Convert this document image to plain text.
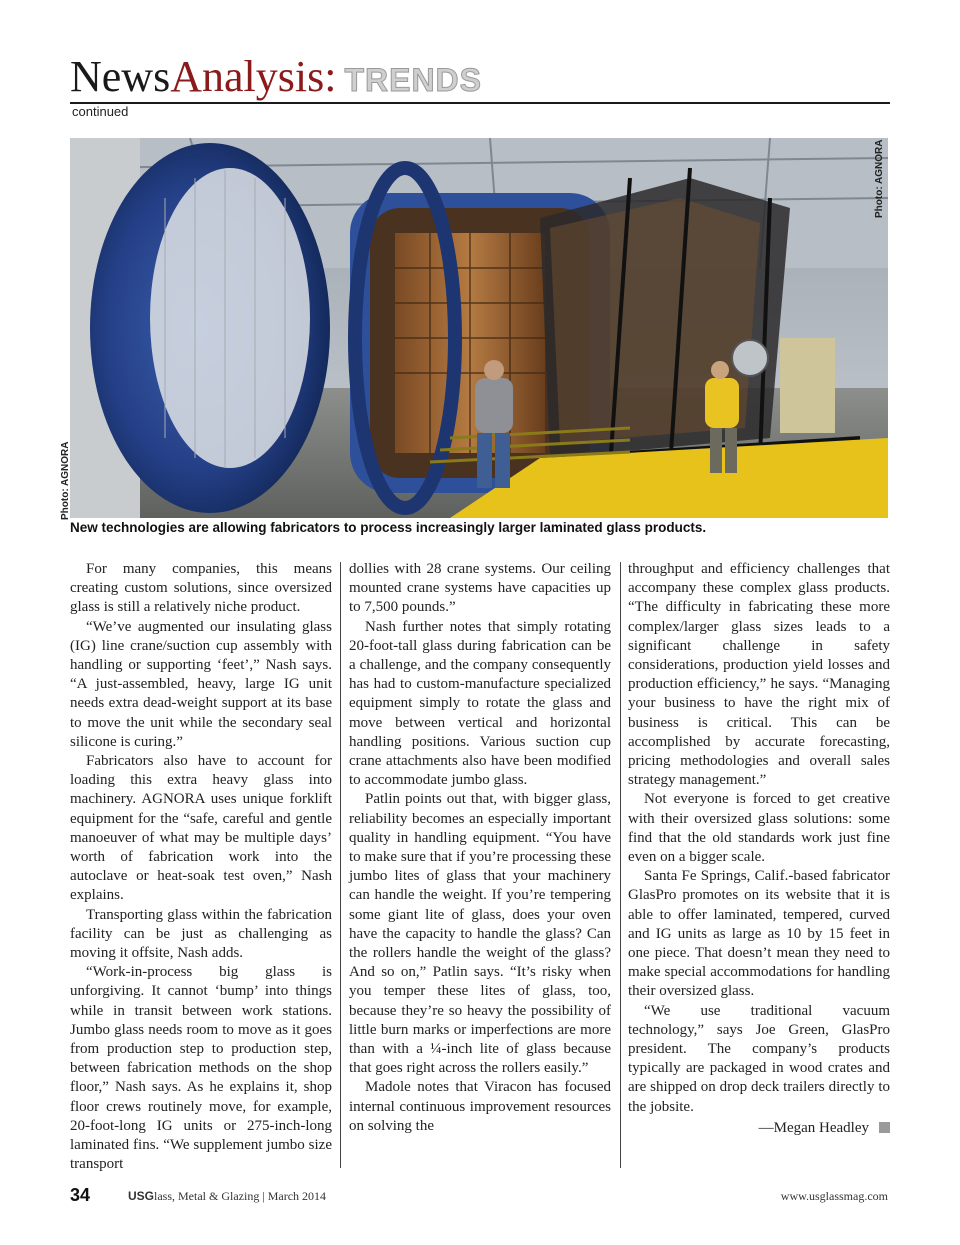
NewsAnalysis: TRENDS
continued
Photo: AGNORA
Photo: AGNORA
New technologies are allowing fabricators to process increasingly larger laminated glass products.

For many companies, this means creating custom solutions, since oversized glass is still a relatively niche product.

“We’ve augmented our insulating glass (IG) line crane/suction cup assembly with handling or supporting ‘feet’,” Nash says. “A just-assembled, heavy, large IG unit needs extra dead-weight support at its base to move the unit while the secondary seal silicone is curing.”

Fabricators also have to account for loading this extra heavy glass into machinery. AGNORA uses unique forklift equipment for the “safe, careful and gentle manoeuver of what may be multiple days’ worth of fabrication work into the autoclave or heat-soak test oven,” Nash explains.

Transporting glass within the fabrication facility can be just as challenging as moving it offsite, Nash adds.

“Work-in-process big glass is unforgiving. It cannot ‘bump’ into things while in transit between work stations. Jumbo glass needs room to move as it goes from production step to production step, between fabrication methods on the shop floor,” Nash says. As he explains it, shop floor crews routinely move, for example, 20-foot-long IG units or 275-inch-long laminated fins. “We supplement jumbo size transport

dollies with 28 crane systems. Our ceiling mounted crane systems have capacities up to 7,500 pounds.”

Nash further notes that simply rotating 20-foot-tall glass during fabrication can be a challenge, and the company consequently has had to custom-manufacture specialized equipment simply to rotate the glass and move between vertical and horizontal handling positions. Various suction cup crane attachments also have been modified to accommodate jumbo glass.

Patlin points out that, with bigger glass, reliability becomes an especially important quality in handling equipment. “You have to make sure that if you’re processing these jumbo lites of glass that your machinery can handle the weight. If you’re tempering some giant lite of glass, does your oven have the capacity to handle the glass? Can the rollers handle the weight of the glass? And so on,” Patlin says. “It’s risky when you temper these lites of glass, too, because they’re so heavy the possibility of little burn marks or imperfections are more than with a ¼-inch lite of glass because that goes right across the rollers easily.”

Madole notes that Viracon has focused internal continuous improvement resources on solving the

throughput and efficiency challenges that accompany these complex glass products. “The difficulty in fabricating these more complex/larger glass sizes leads to a significant challenge in safety considerations, production yield losses and production efficiency,” he says. “Managing your business to have the right mix of business is critical. This can be accomplished by accurate forecasting, pricing methodologies and overall sales strategy management.”

Not everyone is forced to get creative with their oversized glass solutions: some find that the old standards work just fine even on a bigger scale.

Santa Fe Springs, Calif.-based fabricator GlasPro promotes on its website that it is able to offer laminated, tempered, curved and IG units as large as 10 by 15 feet in one piece. That doesn’t mean they need to make special accommodations for handling their oversized glass.

“We use traditional vacuum technology,” says Joe Green, GlasPro president. The company’s products typically are packaged in wood crates and are shipped on drop deck trailers directly to the jobsite.

—Megan Headley

34	USGlass, Metal & Glazing | March 2014	www.usglassmag.com
